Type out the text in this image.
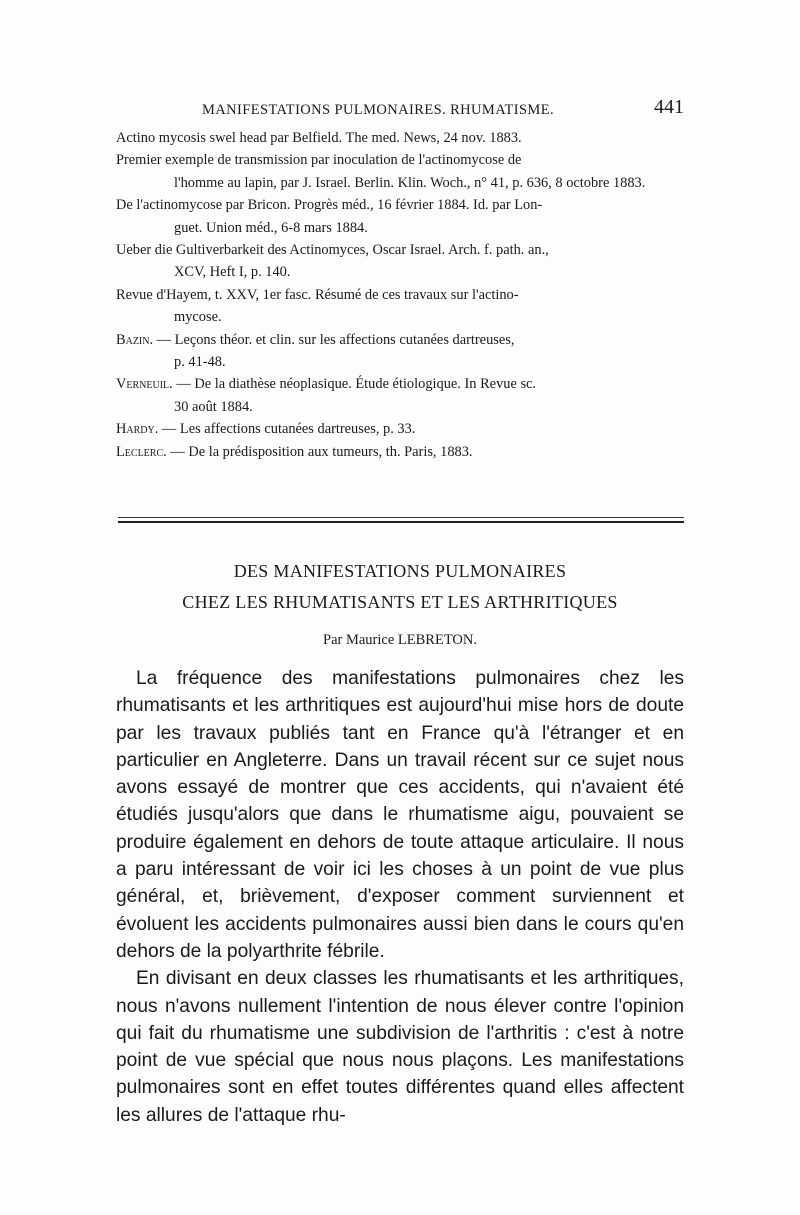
MANIFESTATIONS PULMONAIRES. RHUMATISME.	441
Actino mycosis swel head par Belfield. The med. News, 24 nov. 1883.
Premier exemple de transmission par inoculation de l'actinomycose de
l'homme au lapin, par J. Israel. Berlin. Klin. Woch., n° 41, p. 636, 8 octobre 1883.
De l'actinomycose par Bricon. Progrès méd., 16 février 1884. Id. par Lon-
guet. Union méd., 6-8 mars 1884.
Ueber die Gultiverbarkeit des Actinomyces, Oscar Israel. Arch. f. path. an.,
XCV, Heft I, p. 140.
Revue d'Hayem, t. XXV, 1er fasc. Résumé de ces travaux sur l'actino-
mycose.
Bazin. — Leçons théor. et clin. sur les affections cutanées dartreuses,
p. 41-48.
Verneuil. — De la diathèse néoplasique. Étude étiologique. In Revue sc.
30 août 1884.
Hardy. — Les affections cutanées dartreuses, p. 33.
Leclerc. — De la prédisposition aux tumeurs, th. Paris, 1883.
DES MANIFESTATIONS PULMONAIRES
CHEZ LES RHUMATISANTS ET LES ARTHRITIQUES
Par Maurice LEBRETON.

La fréquence des manifestations pulmonaires chez les rhumatisants et les arthritiques est aujourd'hui mise hors de doute par les travaux publiés tant en France qu'à l'étranger et en particulier en Angleterre. Dans un travail récent sur ce sujet nous avons essayé de montrer que ces accidents, qui n'avaient été étudiés jusqu'alors que dans le rhumatisme aigu, pouvaient se produire également en dehors de toute attaque articulaire. Il nous a paru intéressant de voir ici les choses à un point de vue plus général, et, brièvement, d'exposer comment surviennent et évoluent les accidents pulmonaires aussi bien dans le cours qu'en dehors de la polyarthrite fébrile.

En divisant en deux classes les rhumatisants et les arthritiques, nous n'avons nullement l'intention de nous élever contre l'opinion qui fait du rhumatisme une subdivision de l'arthritis : c'est à notre point de vue spécial que nous nous plaçons. Les manifestations pulmonaires sont en effet toutes différentes quand elles affectent les allures de l'attaque rhu-
